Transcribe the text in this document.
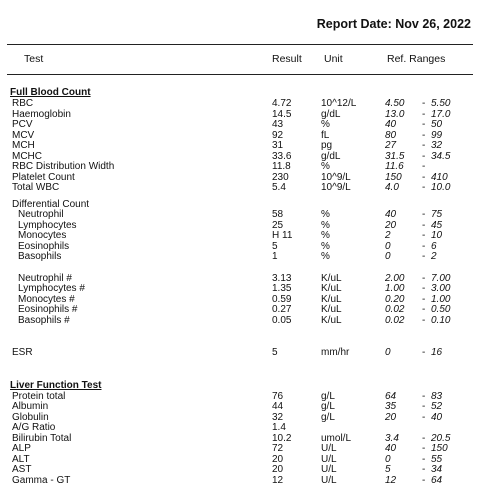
Report Date: Nov 26, 2022
Test	Result Unit	Ref. Ranges
Full Blood Count
RBC	4.72	10^12/L	4.50 - 5.50
Haemoglobin	14.5	g/dL	13.0 - 17.0
PCV	43	%	40	- 50
MCV	92	fL	80	- 99
MCH	31	pg	27	- 32
MCHC	33.6	g/dL	31.5 - 34.5
RBC Distribution Width	11.8	%	11.6 -
Platelet Count	230	10^9/L	150 - 410
Total WBC	5.4	10^9/L	4.0 - 10.0
Differential Count
Neutrophil	58	%	40	- 75
Lymphocytes	25	%	20	- 45
Monocytes	H 11	%	2	- 10
Eosinophils	5	%	0	- 6
Basophils	1	%	0	- 2
Neutrophil #	3.13	K/uL	2.00 - 7.00
Lymphocytes #	1.35	K/uL	1.00 - 3.00
Monocytes #	0.59	K/uL	0.20 - 1.00
Eosinophils #	0.27	K/uL	0.02 - 0.50
Basophils #	0.05	K/uL	0.02 - 0.10
ESR	5	mm/hr	0	- 16
Liver Function Test
Protein total	76	g/L	64	- 83
Albumin	44	g/L	35	- 52
Globulin	32	g/L	20	- 40
A/G Ratio	1.4
Bilirubin Total	10.2	umol/L	3.4 - 20.5
ALP	72	U/L	40	- 150
ALT	20	U/L	0	- 55
AST	20	U/L	5	- 34
Gamma - GT	12	U/L	12	- 64
